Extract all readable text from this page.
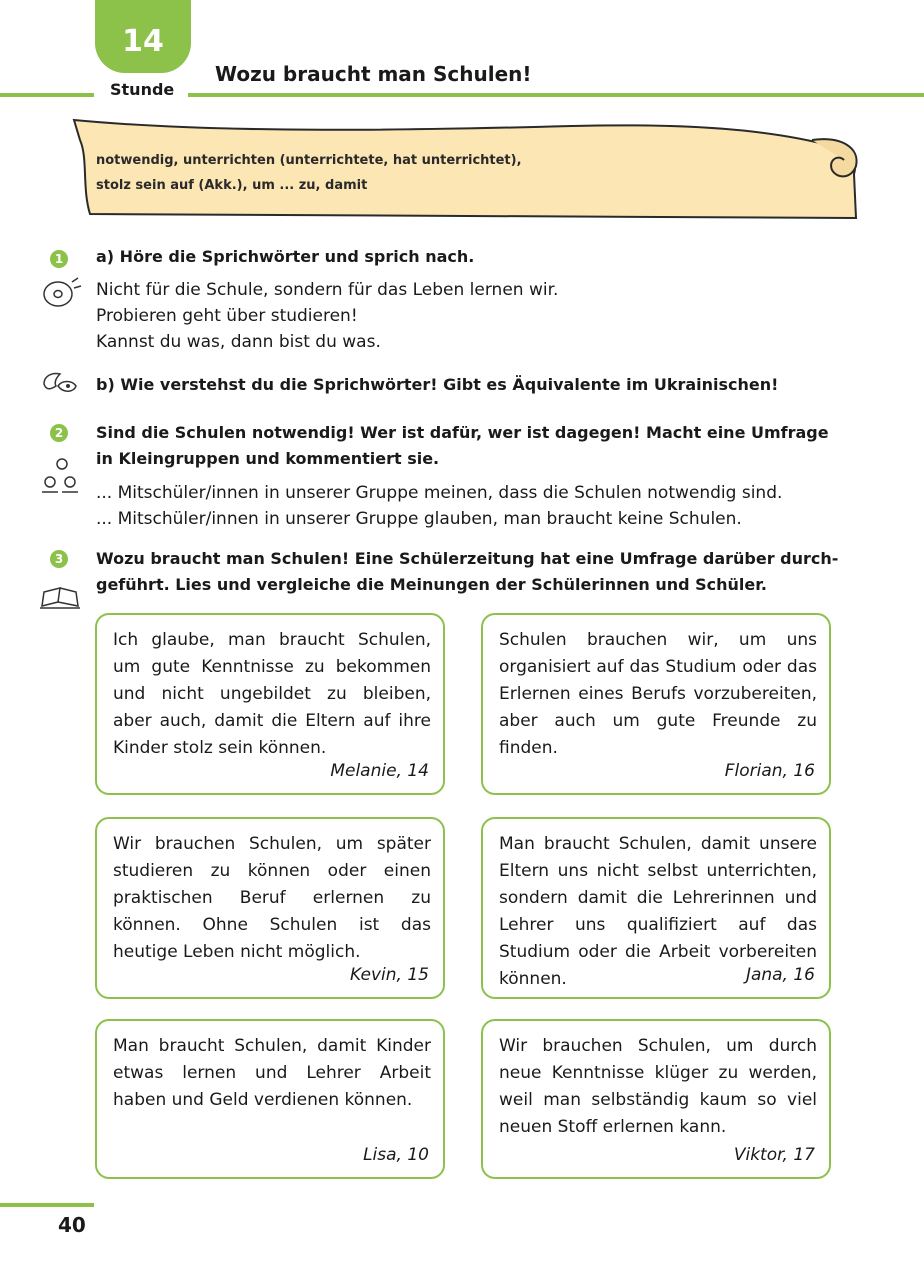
14
Stunde
Wozu braucht man Schulen!
notwendig, unterrichten (unterrichtete, hat unterrichtet),
stolz sein auf (Akk.), um ... zu, damit
1	a) Höre die Sprichwörter und sprich nach.
Nicht für die Schule, sondern für das Leben lernen wir.
Probieren geht über studieren!
Kannst du was, dann bist du was.
b) Wie verstehst du die Sprichwörter! Gibt es Äquivalente im Ukrainischen!
2	Sind die Schulen notwendig! Wer ist dafür, wer ist dagegen! Macht eine Umfrage
in Kleingruppen und kommentiert sie.
... Mitschüler/innen in unserer Gruppe meinen, dass die Schulen notwendig sind.
... Mitschüler/innen in unserer Gruppe glauben, man braucht keine Schulen.
3	Wozu braucht man Schulen! Eine Schülerzeitung hat eine Umfrage darüber durch-
geführt. Lies und vergleiche die Meinungen der Schülerinnen und Schüler.
Ich glaube, man braucht Schulen, um gute Kenntnisse zu bekommen und nicht ungebildet zu bleiben, aber auch, damit die Eltern auf ihre Kinder stolz sein können.
Melanie, 14
Schulen brauchen wir, um uns organisiert auf das Studium oder das Erlernen eines Berufs vorzubereiten, aber auch um gute Freunde zu finden.
Florian, 16
Wir brauchen Schulen, um später studieren zu können oder einen praktischen Beruf erlernen zu können. Ohne Schulen ist das heutige Leben nicht möglich.
Kevin, 15
Man braucht Schulen, damit unsere Eltern uns nicht selbst unterrichten, sondern damit die Lehrerinnen und Lehrer uns qualifiziert auf das Studium oder die Arbeit vorbereiten können.	Jana, 16
Man braucht Schulen, damit Kinder etwas lernen und Lehrer Arbeit haben und Geld verdienen können.
Lisa, 10
Wir brauchen Schulen, um durch neue Kenntnisse klüger zu werden, weil man selbständig kaum so viel neuen Stoff erlernen kann.
Viktor, 17
40
